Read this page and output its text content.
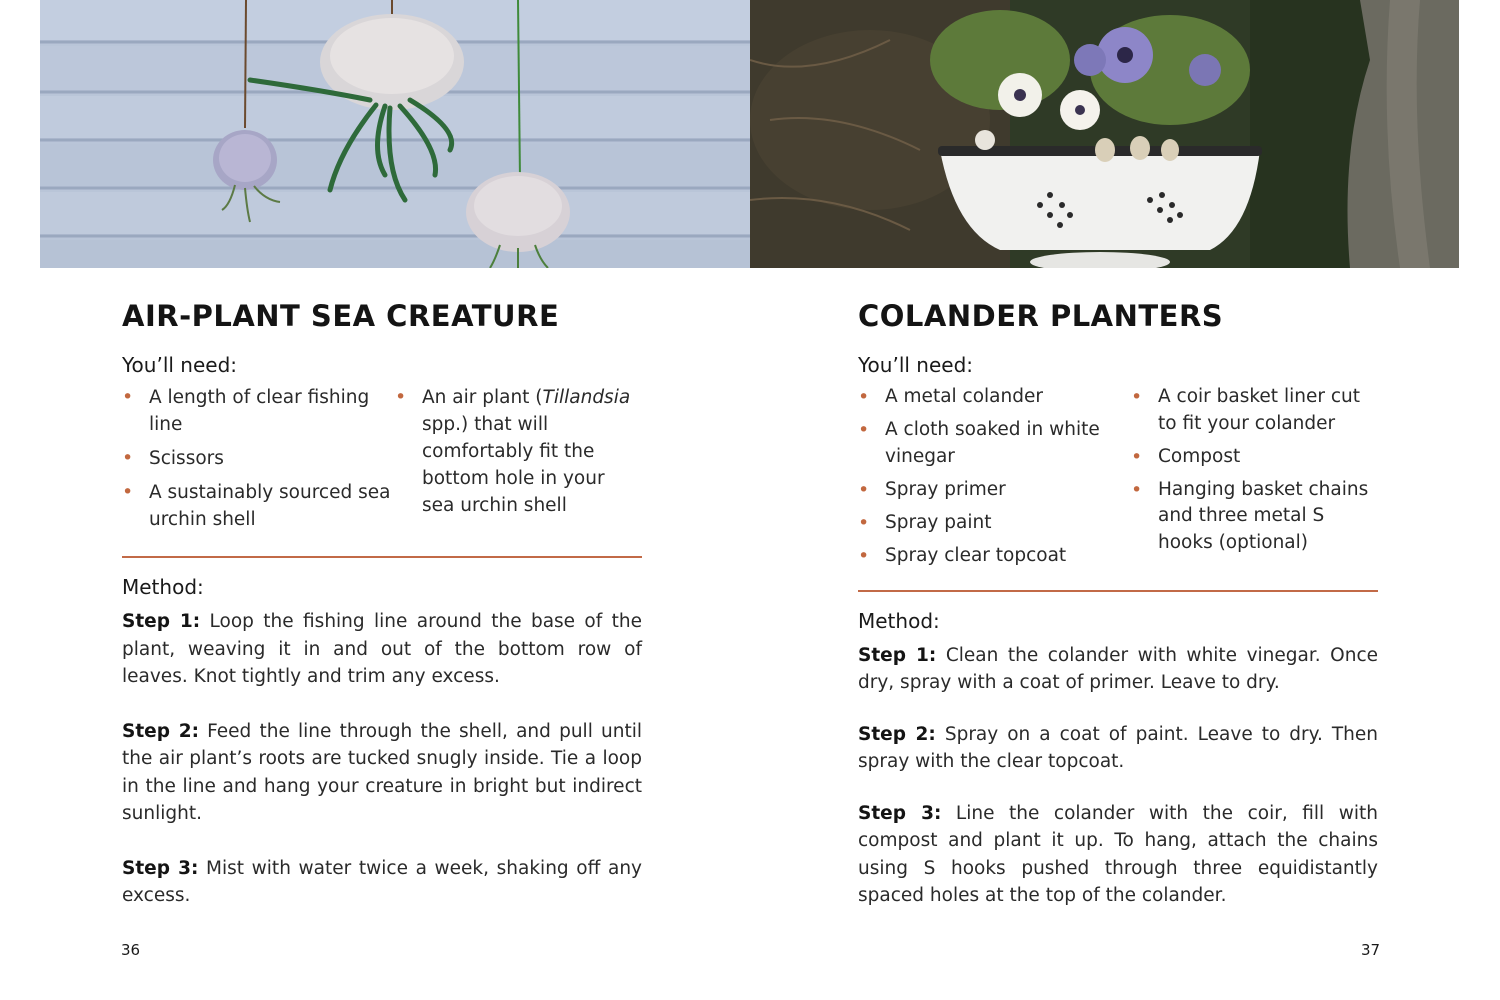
AIR-PLANT SEA CREATURE
You’ll need:
• A length of clear fishing line
• Scissors
• A sustainably sourced sea urchin shell
• An air plant (Tillandsia spp.) that will comfortably fit the bottom hole in your sea urchin shell
Method:

Step 1: Loop the fishing line around the base of the plant, weaving it in and out of the bottom row of leaves. Knot tightly and trim any excess.

Step 2: Feed the line through the shell, and pull until the air plant’s roots are tucked snugly inside. Tie a loop in the line and hang your creature in bright but indirect sunlight.

Step 3: Mist with water twice a week, shaking off any excess.

COLANDER PLANTERS
You’ll need:
• A metal colander
• A cloth soaked in white vinegar
• Spray primer
• Spray paint
• Spray clear topcoat
• A coir basket liner cut to fit your colander
• Compost
• Hanging basket chains and three metal S hooks (optional)
Method:

Step 1: Clean the colander with white vinegar. Once dry, spray with a coat of primer. Leave to dry.

Step 2: Spray on a coat of paint. Leave to dry. Then spray with the clear topcoat.

Step 3: Line the colander with the coir, fill with compost and plant it up. To hang, attach the chains using S hooks pushed through three equidistantly spaced holes at the top of the colander.

36	37
